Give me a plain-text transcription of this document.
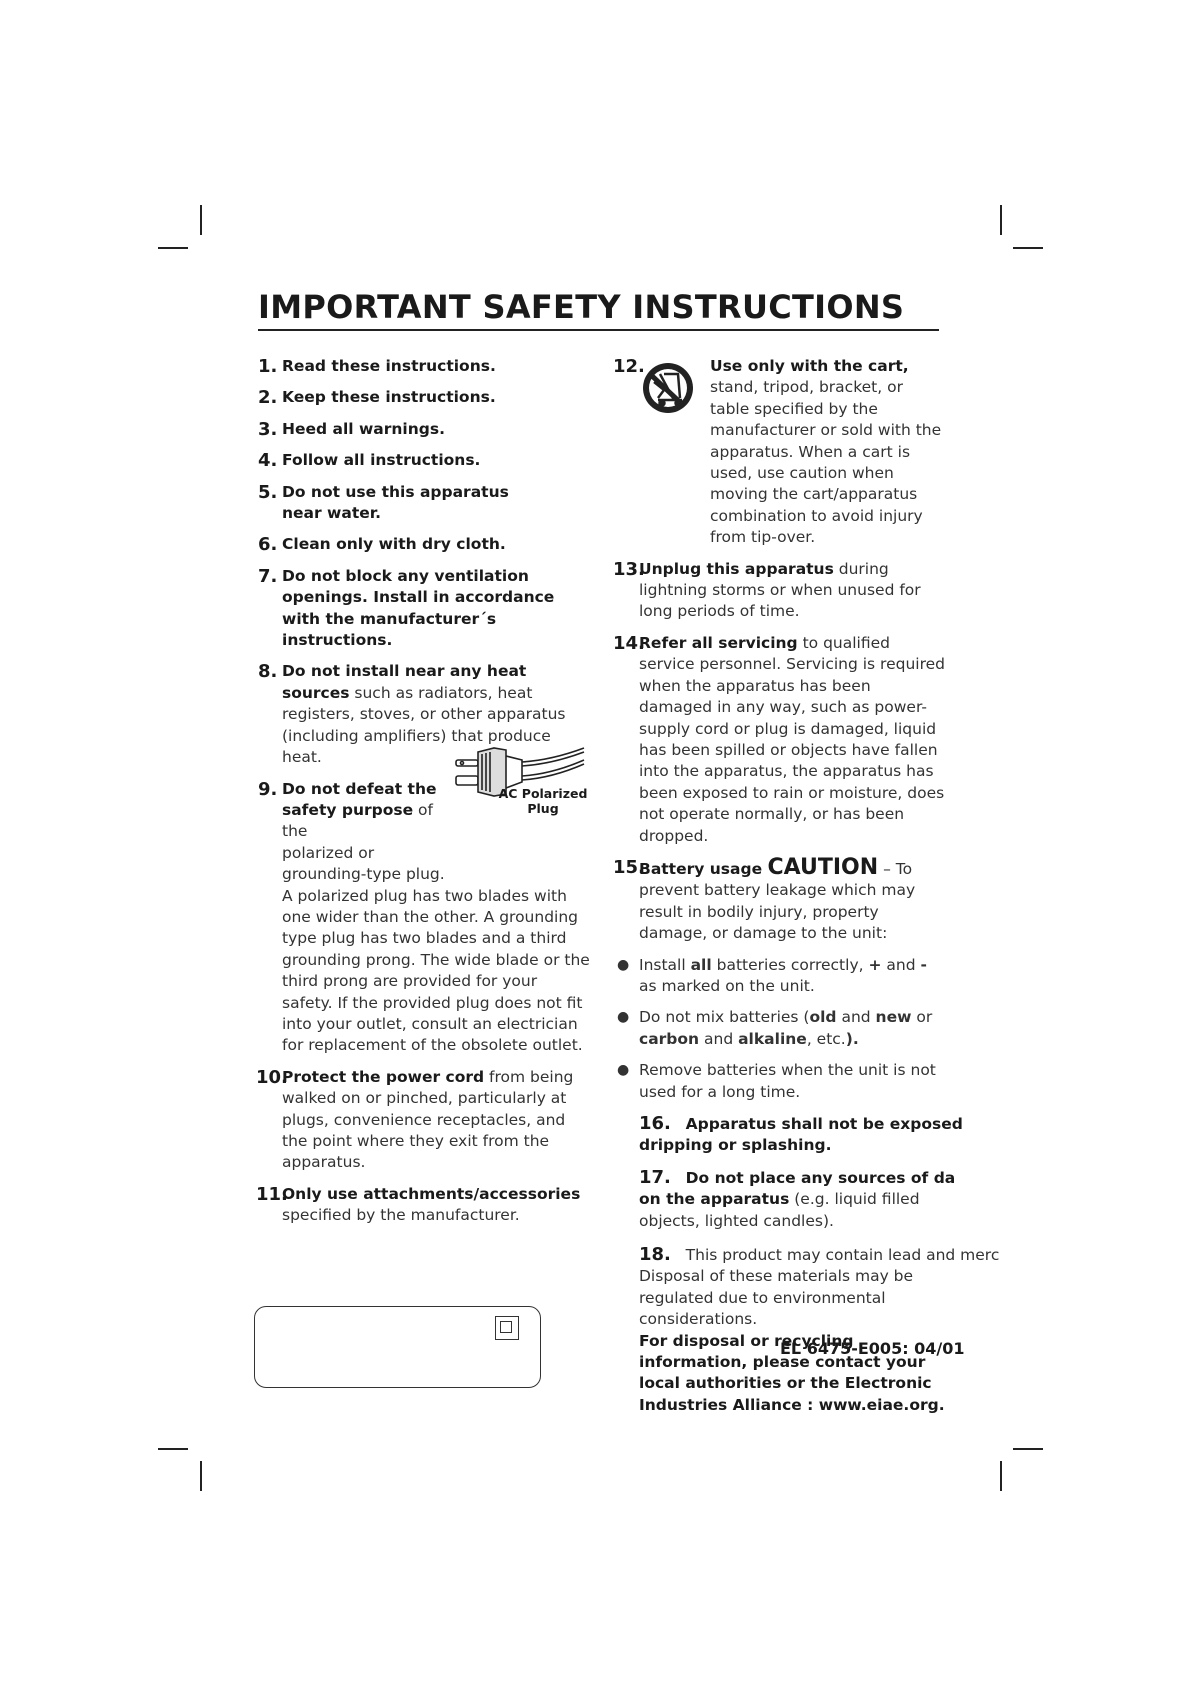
IMPORTANT SAFETY INSTRUCTIONS
1. Read these instructions.
2. Keep these instructions.
3. Heed all warnings.
4. Follow all instructions.
5. Do not use this apparatus near water.
6. Clean only with dry cloth.
7. Do not block any ventilation openings. Install in accordance with the manufacturer´s instructions.
8. Do not install near any heat sources such as radiators, heat registers, stoves, or other apparatus (including amplifiers) that produce heat.
9. Do not defeat the
safety purpose of the
polarized or
grounding-type plug.
A polarized plug has two blades with one wider than the other. A grounding type plug has two blades and a third grounding prong. The wide blade or the third prong are provided for your safety. If the provided plug does not fit into your outlet, consult an electrician for replacement of the obsolete outlet.
10.
Protect the power cord from being walked on or pinched, particularly at plugs, convenience receptacles, and the point where they exit from the apparatus.
11.
Only use attachments/accessories specified by the manufacturer.
AC Polarized Plug
12.	Use only with the cart, stand, tripod, bracket, or table specified by the manufacturer or sold with the apparatus. When a cart is used, use caution when moving the cart/apparatus combination to avoid injury from tip-over.
13.
Unplug this apparatus during lightning storms or when unused for long periods of time.
14.
Refer all servicing to qualified service personnel. Servicing is required when the apparatus has been damaged in any way, such as power-supply cord or plug is damaged, liquid has been spilled or objects have fallen into the apparatus, the apparatus has been exposed to rain or moisture, does not operate normally, or has been dropped.
15.
Battery usage CAUTION – To prevent battery leakage which may result in bodily injury, property damage, or damage to the unit:
● Install all batteries correctly, + and - as marked on the unit.
● Do not mix batteries (old and new or carbon and alkaline, etc.).
● Remove batteries when the unit is not used for a long time.
16. Apparatus shall not be exposed
dripping or splashing.
17. Do not place any sources of da
on the apparatus (e.g. liquid filled objects, lighted candles).
18. This product may contain lead and merc
Disposal of these materials may be regulated due to environmental considerations.
For disposal or recycling information, please contact your local authorities or the Electronic Industries Alliance : www.eiae.org.
EL 6475-E005: 04/01
